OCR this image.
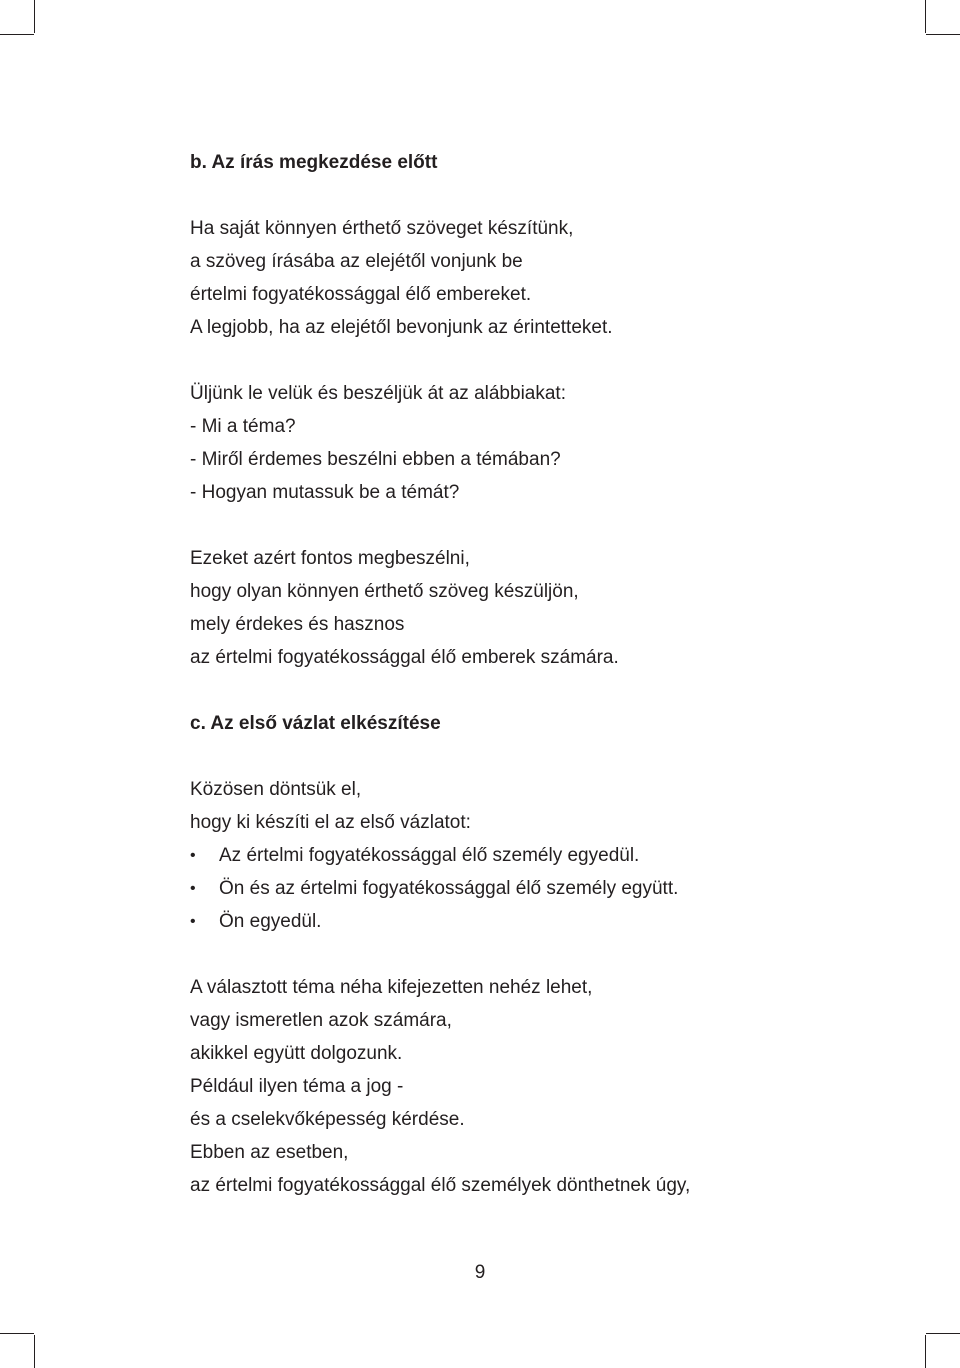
b. Az írás megkezdése előtt
Ha saját könnyen érthető szöveget készítünk,
a szöveg írásába az elejétől vonjunk be
értelmi fogyatékossággal élő embereket.
A legjobb, ha az elejétől bevonjunk az érintetteket.
Üljünk le velük és beszéljük át az alábbiakat:
- Mi a téma?
- Miről érdemes beszélni ebben a témában?
- Hogyan mutassuk be a témát?
Ezeket azért fontos megbeszélni,
hogy olyan könnyen érthető szöveg készüljön,
mely érdekes és hasznos
az értelmi fogyatékossággal élő emberek számára.
c. Az első vázlat elkészítése
Közösen döntsük el,
hogy ki készíti el az első vázlatot:
• Az értelmi fogyatékossággal élő személy egyedül.
• Ön és az értelmi fogyatékossággal élő személy együtt.
• Ön egyedül.
A választott téma néha kifejezetten nehéz lehet,
vagy ismeretlen azok számára,
akikkel együtt dolgozunk.
Például ilyen téma a jog -
és a cselekvőképesség kérdése.
Ebben az esetben,
az értelmi fogyatékossággal élő személyek dönthetnek úgy,
9
